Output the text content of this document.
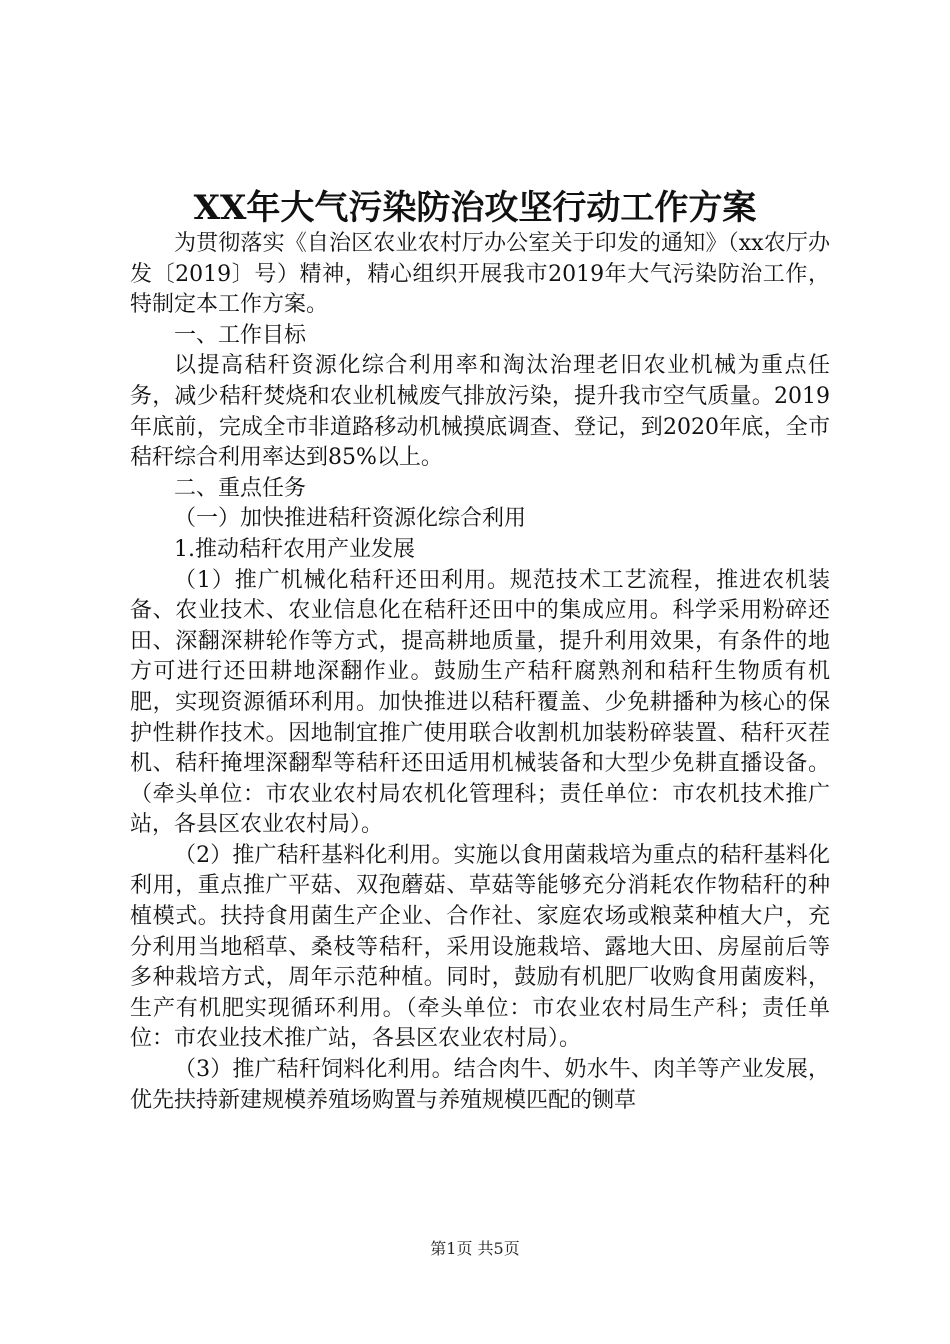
XX年大气污染防治攻坚行动工作方案

为贯彻落实《自治区农业农村厅办公室关于印发的通知》（xx农厅办发〔2019〕号）精神，精心组织开展我市2019年大气污染防治工作，特制定本工作方案。

一、工作目标

以提高秸秆资源化综合利用率和淘汰治理老旧农业机械为重点任务，减少秸秆焚烧和农业机械废气排放污染，提升我市空气质量。2019年底前，完成全市非道路移动机械摸底调查、登记，到2020年底，全市秸秆综合利用率达到85%以上。

二、重点任务

（一）加快推进秸秆资源化综合利用

1.推动秸秆农用产业发展

（1）推广机械化秸秆还田利用。规范技术工艺流程，推进农机装备、农业技术、农业信息化在秸秆还田中的集成应用。科学采用粉碎还田、深翻深耕轮作等方式，提高耕地质量，提升利用效果，有条件的地方可进行还田耕地深翻作业。鼓励生产秸秆腐熟剂和秸秆生物质有机肥，实现资源循环利用。加快推进以秸秆覆盖、少免耕播种为核心的保护性耕作技术。因地制宜推广使用联合收割机加装粉碎装置、秸秆灭茬机、秸秆掩埋深翻犁等秸秆还田适用机械装备和大型少免耕直播设备。（牵头单位：市农业农村局农机化管理科；责任单位：市农机技术推广站，各县区农业农村局）。

（2）推广秸秆基料化利用。实施以食用菌栽培为重点的秸秆基料化利用，重点推广平菇、双孢蘑菇、草菇等能够充分消耗农作物秸秆的种植模式。扶持食用菌生产企业、合作社、家庭农场或粮菜种植大户，充分利用当地稻草、桑枝等秸秆，采用设施栽培、露地大田、房屋前后等多种栽培方式，周年示范种植。同时，鼓励有机肥厂收购食用菌废料，生产有机肥实现循环利用。（牵头单位：市农业农村局生产科；责任单位：市农业技术推广站，各县区农业农村局）。

（3）推广秸秆饲料化利用。结合肉牛、奶水牛、肉羊等产业发展，优先扶持新建规模养殖场购置与养殖规模匹配的铡草

第1页 共5页
